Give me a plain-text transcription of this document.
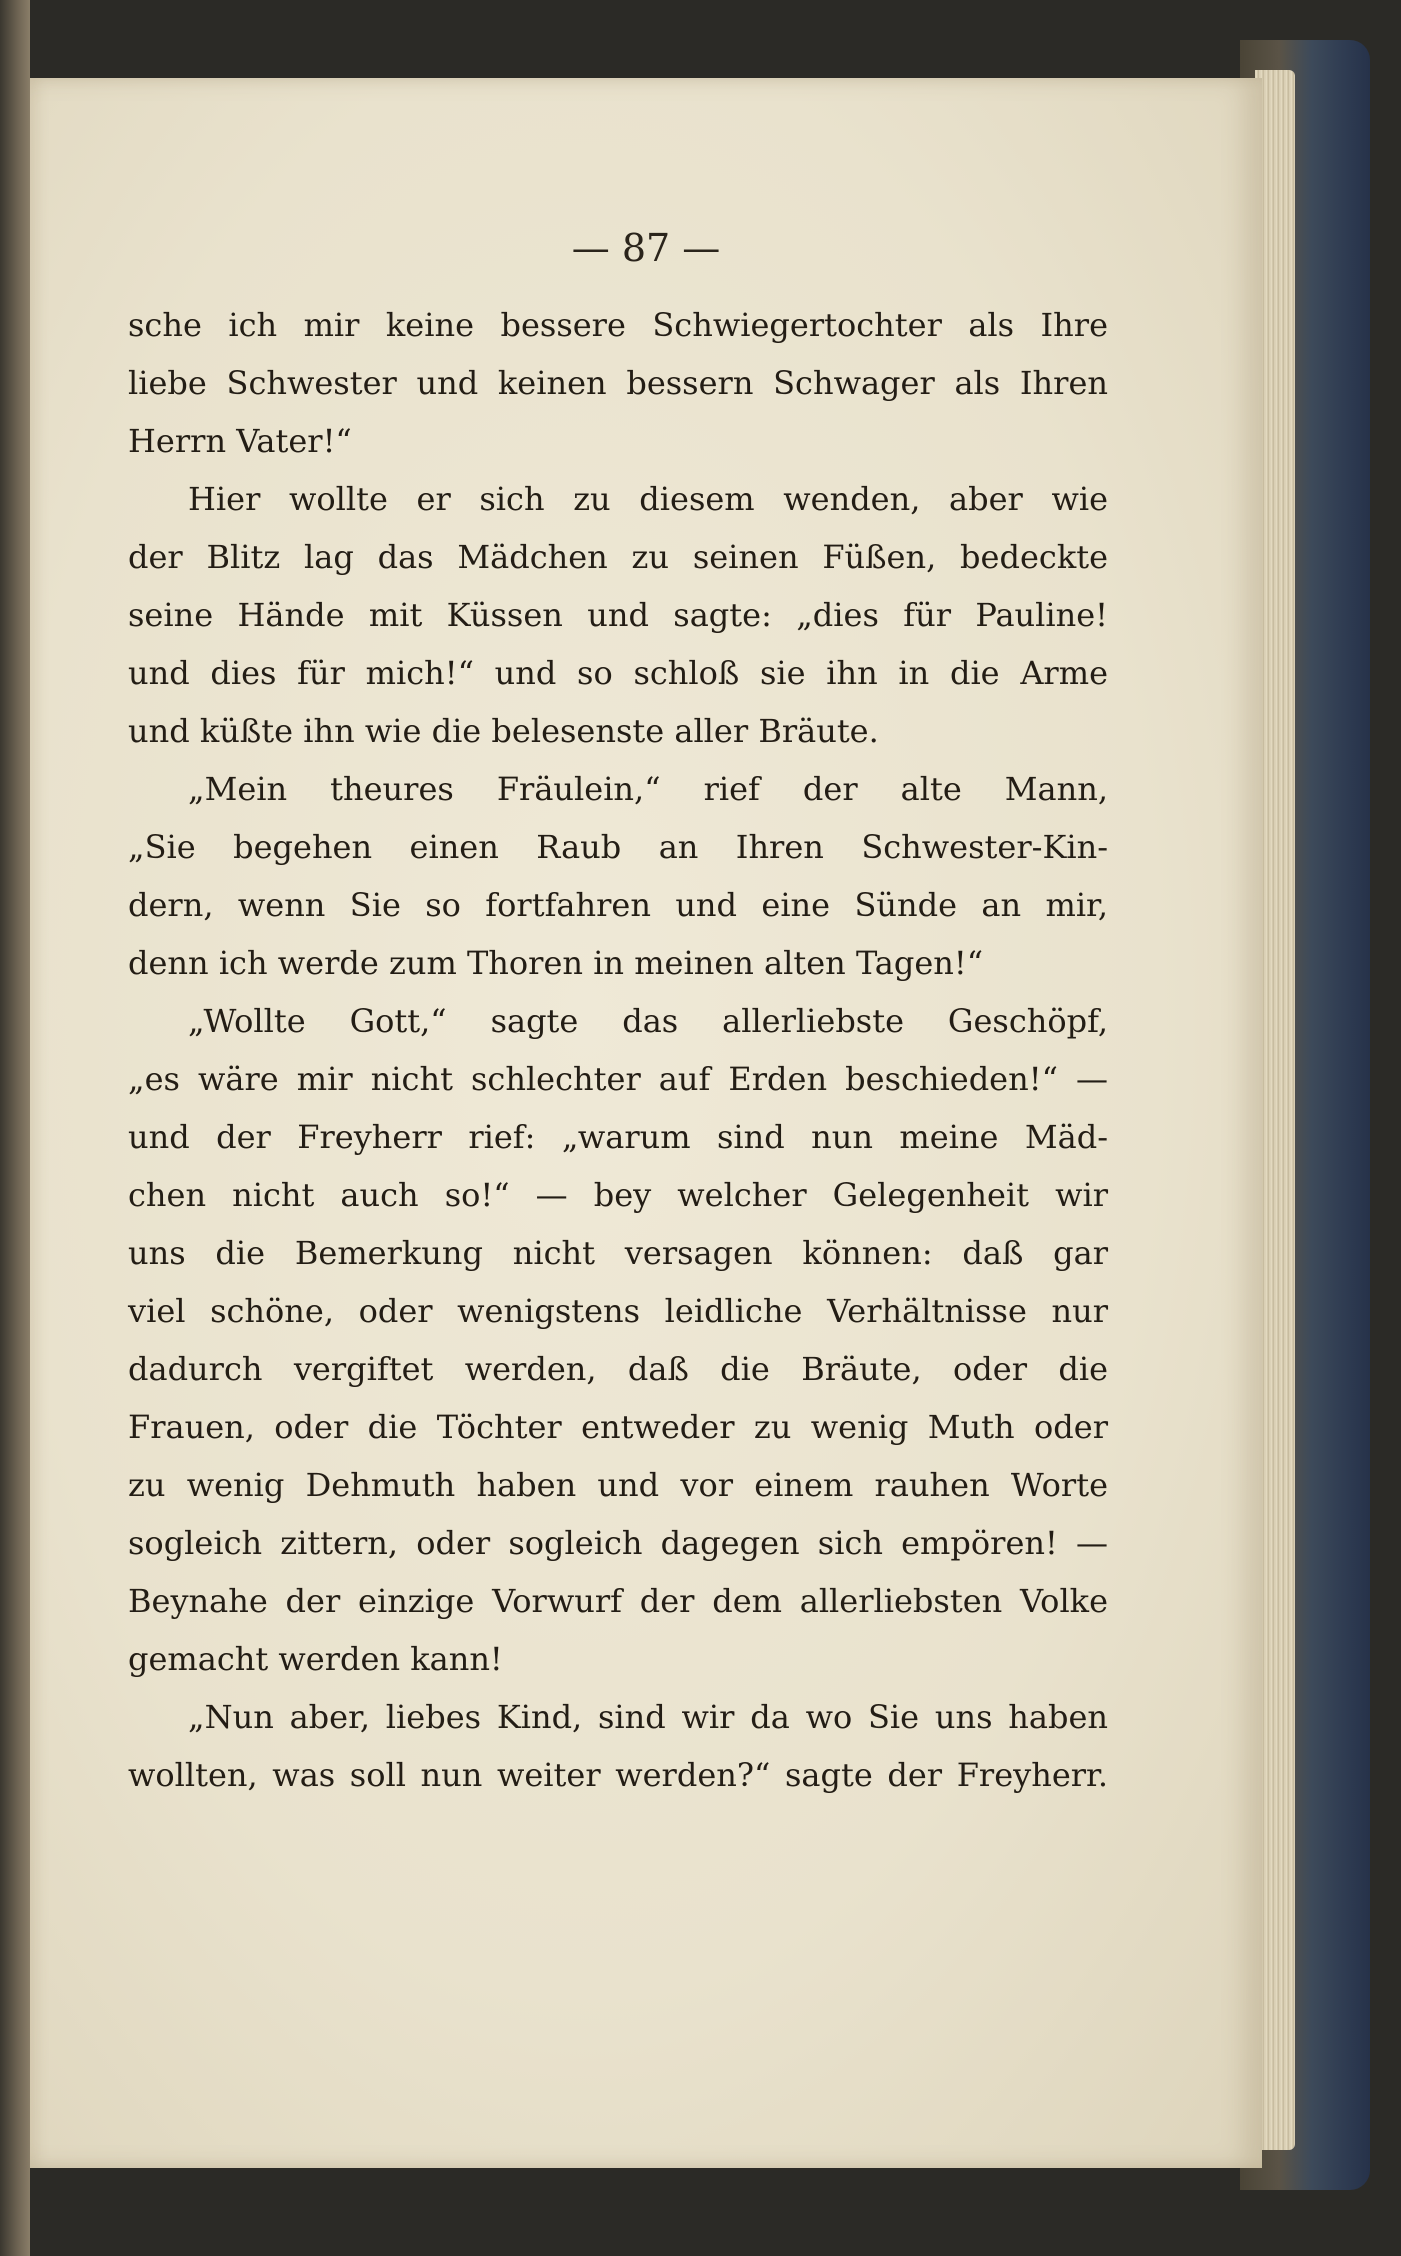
— 87 —
sche ich mir keine bessere Schwiegertochter als Ihre
liebe Schwester und keinen bessern Schwager als Ihren
Herrn Vater!“
Hier wollte er sich zu diesem wenden, aber wie
der Blitz lag das Mädchen zu seinen Füßen, bedeckte
seine Hände mit Küssen und sagte: „dies für Pauline!
und dies für mich!“ und so schloß sie ihn in die Arme
und küßte ihn wie die belesenste aller Bräute.
„Mein theures Fräulein,“ rief der alte Mann,
„Sie begehen einen Raub an Ihren Schwester-Kin-
dern, wenn Sie so fortfahren und eine Sünde an mir,
denn ich werde zum Thoren in meinen alten Tagen!“
„Wollte Gott,“ sagte das allerliebste Geschöpf,
„es wäre mir nicht schlechter auf Erden beschieden!“ —
und der Freyherr rief: „warum sind nun meine Mäd-
chen nicht auch so!“ — bey welcher Gelegenheit wir
uns die Bemerkung nicht versagen können: daß gar
viel schöne, oder wenigstens leidliche Verhältnisse nur
dadurch vergiftet werden, daß die Bräute, oder die
Frauen, oder die Töchter entweder zu wenig Muth oder
zu wenig Dehmuth haben und vor einem rauhen Worte
sogleich zittern, oder sogleich dagegen sich empören! —
Beynahe der einzige Vorwurf der dem allerliebsten Volke
gemacht werden kann!
„Nun aber, liebes Kind, sind wir da wo Sie uns haben
wollten, was soll nun weiter werden?“ sagte der Freyherr.
